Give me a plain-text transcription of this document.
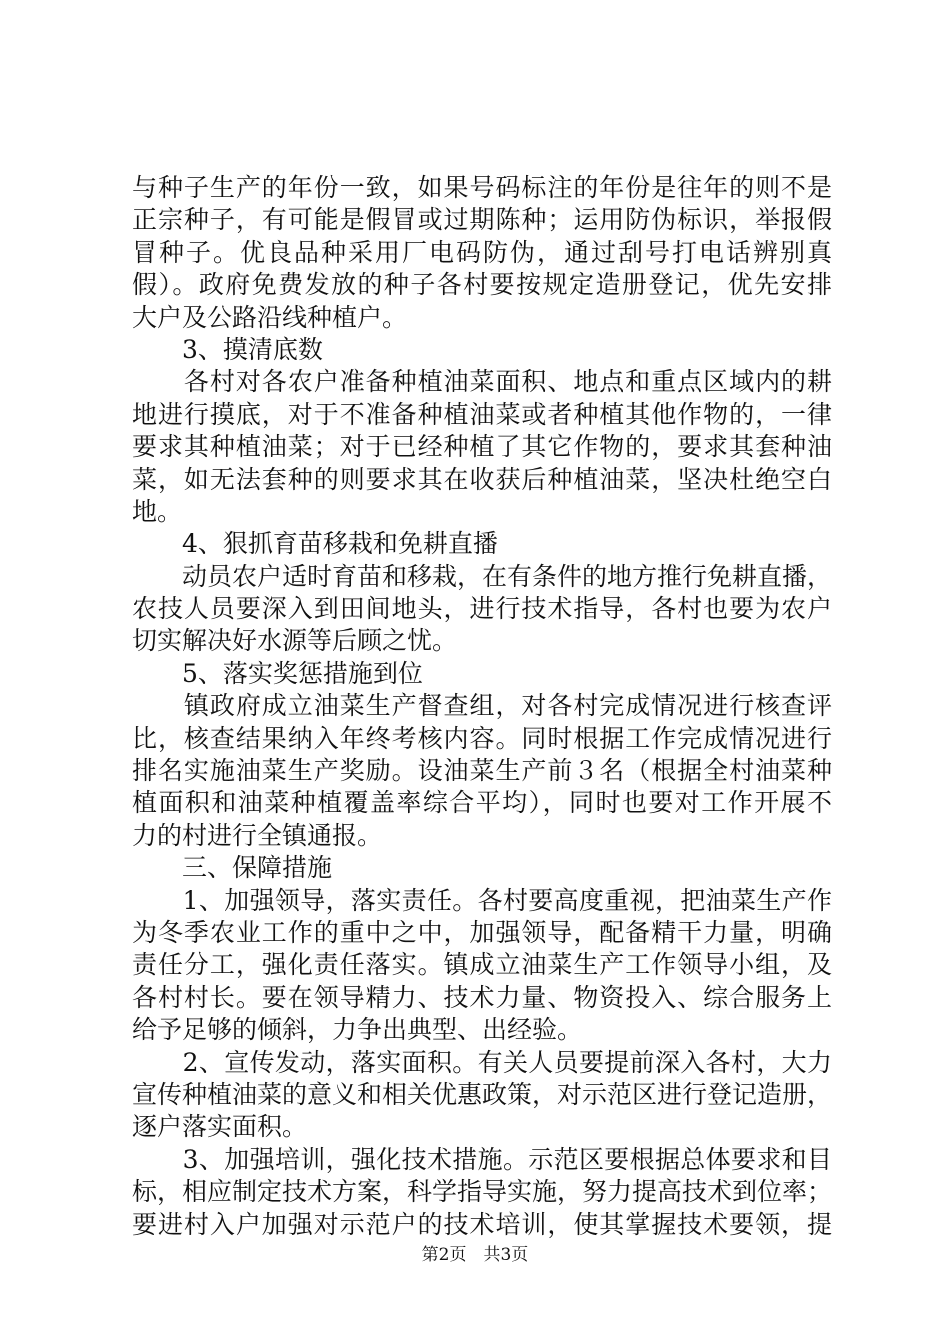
与种子生产的年份一致，如果号码标注的年份是往年的则不是
正宗种子，有可能是假冒或过期陈种；运用防伪标识，举报假
冒种子。优良品种采用厂电码防伪，通过刮号打电话辨别真
假）。政府免费发放的种子各村要按规定造册登记，优先安排
大户及公路沿线种植户。
　　3、摸清底数
　　各村对各农户准备种植油菜面积、地点和重点区域内的耕
地进行摸底，对于不准备种植油菜或者种植其他作物的，一律
要求其种植油菜；对于已经种植了其它作物的，要求其套种油
菜，如无法套种的则要求其在收获后种植油菜，坚决杜绝空白
地。
　　4、狠抓育苗移栽和免耕直播
　　动员农户适时育苗和移栽，在有条件的地方推行免耕直播，
农技人员要深入到田间地头，进行技术指导，各村也要为农户
切实解决好水源等后顾之忧。
　　5、落实奖惩措施到位
　　镇政府成立油菜生产督查组，对各村完成情况进行核查评
比，核查结果纳入年终考核内容。同时根据工作完成情况进行
排名实施油菜生产奖励。设油菜生产前３名（根据全村油菜种
植面积和油菜种植覆盖率综合平均），同时也要对工作开展不
力的村进行全镇通报。
　　三、保障措施
　　1、加强领导，落实责任。各村要高度重视，把油菜生产作
为冬季农业工作的重中之中，加强领导，配备精干力量，明确
责任分工，强化责任落实。镇成立油菜生产工作领导小组，及
各村村长。要在领导精力、技术力量、物资投入、综合服务上
给予足够的倾斜，力争出典型、出经验。
　　2、宣传发动，落实面积。有关人员要提前深入各村，大力
宣传种植油菜的意义和相关优惠政策，对示范区进行登记造册，
逐户落实面积。
　　3、加强培训，强化技术措施。示范区要根据总体要求和目
标，相应制定技术方案，科学指导实施，努力提高技术到位率；
要进村入户加强对示范户的技术培训，使其掌握技术要领，提
第2页　共3页
